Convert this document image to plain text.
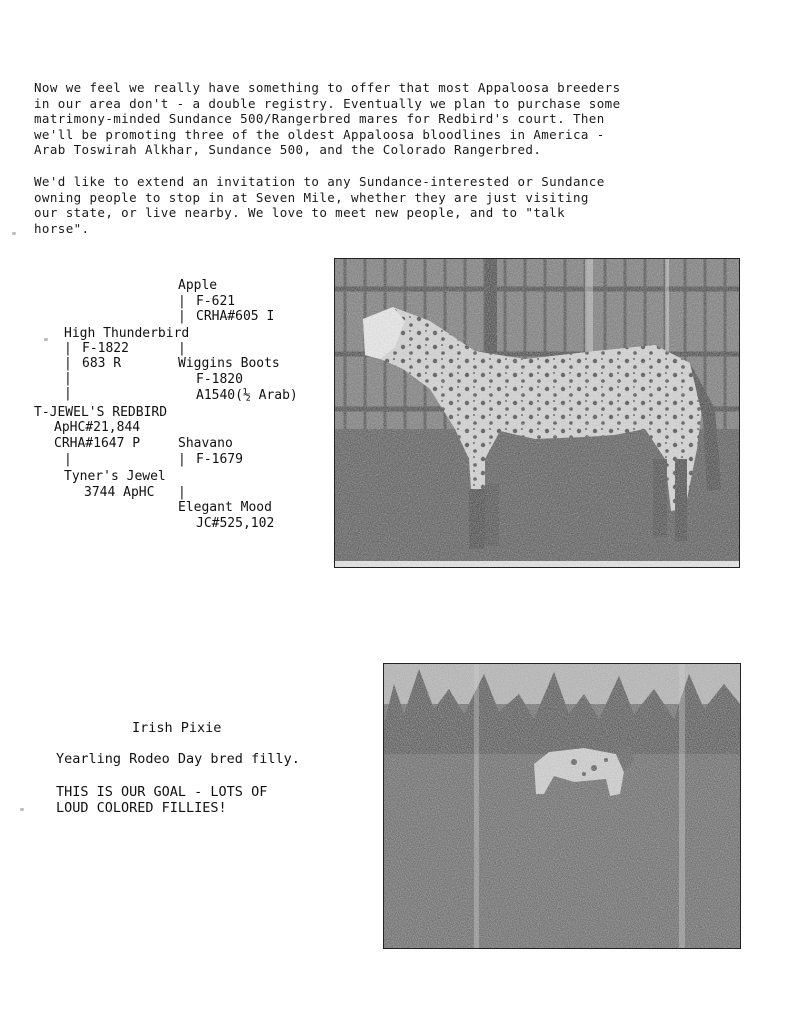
Now we feel we really have something to offer that most Appaloosa breeders
in our area don't - a double registry. Eventually we plan to purchase some
matrimony-minded Sundance 500/Rangerbred mares for Redbird's court. Then
we'll be promoting three of the oldest Appaloosa bloodlines in America -
Arab Toswirah Alkhar, Sundance 500, and the Colorado Rangerbred.
We'd like to extend an invitation to any Sundance-interested or Sundance
owning people to stop in at Seven Mile, whether they are just visiting
our state, or live nearby. We love to meet new people, and to "talk
horse".
Apple
| F-621
| CRHA#605 I
High Thunderbird
| F-1822	|
| 683 R	Wiggins Boots
|	F-1820
|	A1540(½ Arab)
T-JEWEL'S REDBIRD
ApHC#21,844
CRHA#1647 P	Shavano
|	| F-1679
Tyner's Jewel
3744 ApHC |
Elegant Mood
JC#525,102
Irish Pixie
Yearling Rodeo Day bred filly.
THIS IS OUR GOAL - LOTS OF
LOUD COLORED FILLIES!
